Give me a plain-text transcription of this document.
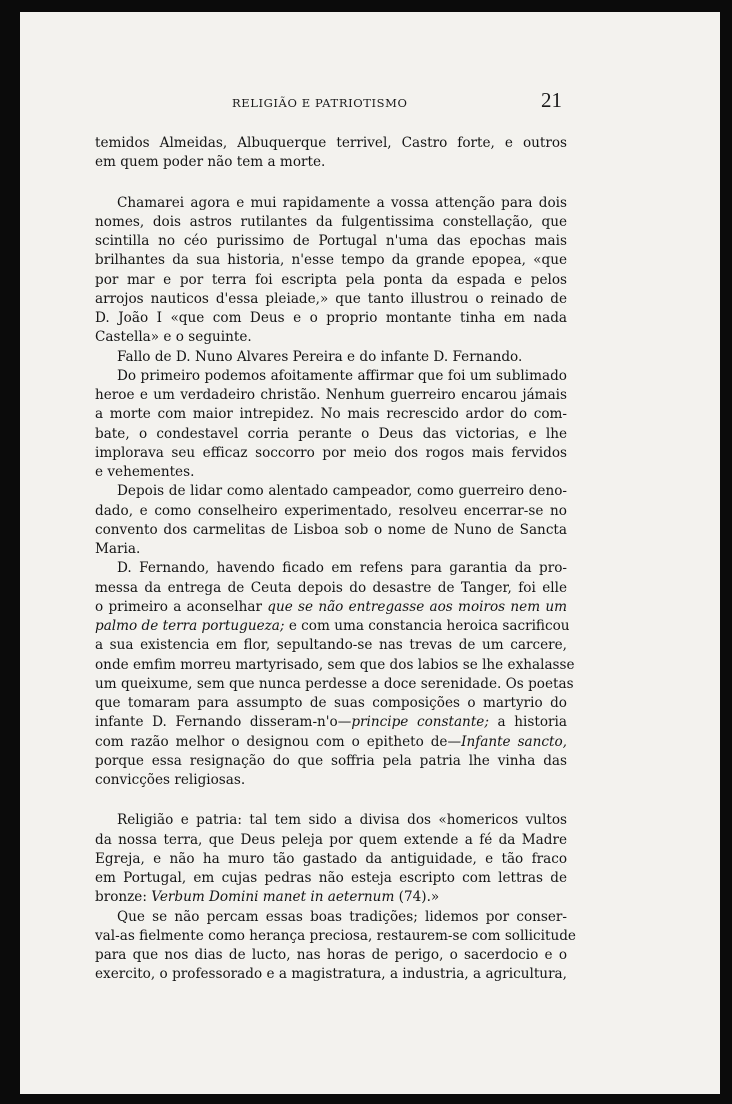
RELIGIÃO E PATRIOTISMO	21
temidos Almeidas, Albuquerque terrivel, Castro forte, e outros
em quem poder não tem a morte.
Chamarei agora e mui rapidamente a vossa attenção para dois
nomes, dois astros rutilantes da fulgentissima constellação, que
scintilla no céo purissimo de Portugal n'uma das epochas mais
brilhantes da sua historia, n'esse tempo da grande epopea, «que
por mar e por terra foi escripta pela ponta da espada e pelos
arrojos nauticos d'essa pleiade,» que tanto illustrou o reinado de
D. João I «que com Deus e o proprio montante tinha em nada
Castella» e o seguinte.
Fallo de D. Nuno Alvares Pereira e do infante D. Fernando.
Do primeiro podemos afoitamente affirmar que foi um sublimado
heroe e um verdadeiro christão. Nenhum guerreiro encarou jámais
a morte com maior intrepidez. No mais recrescido ardor do com-
bate, o condestavel corria perante o Deus das victorias, e lhe
implorava seu efficaz soccorro por meio dos rogos mais fervidos
e vehementes.
Depois de lidar como alentado campeador, como guerreiro deno-
dado, e como conselheiro experimentado, resolveu encerrar-se no
convento dos carmelitas de Lisboa sob o nome de Nuno de Sancta
Maria.
D. Fernando, havendo ficado em refens para garantia da pro-
messa da entrega de Ceuta depois do desastre de Tanger, foi elle
o primeiro a aconselhar que se não entregasse aos moiros nem um
palmo de terra portugueza; e com uma constancia heroica sacrificou
a sua existencia em flor, sepultando-se nas trevas de um carcere,
onde emfim morreu martyrisado, sem que dos labios se lhe exhalasse
um queixume, sem que nunca perdesse a doce serenidade. Os poetas
que tomaram para assumpto de suas composições o martyrio do
infante D. Fernando disseram-n'o—principe constante; a historia
com razão melhor o designou com o epitheto de—Infante sancto,
porque essa resignação do que soffria pela patria lhe vinha das
convicções religiosas.
Religião e patria: tal tem sido a divisa dos «homericos vultos
da nossa terra, que Deus peleja por quem extende a fé da Madre
Egreja, e não ha muro tão gastado da antiguidade, e tão fraco
em Portugal, em cujas pedras não esteja escripto com lettras de
bronze: Verbum Domini manet in aeternum (74).»
Que se não percam essas boas tradições; lidemos por conser-
val-as fielmente como herança preciosa, restaurem-se com sollicitude
para que nos dias de lucto, nas horas de perigo, o sacerdocio e o
exercito, o professorado e a magistratura, a industria, a agricultura,
